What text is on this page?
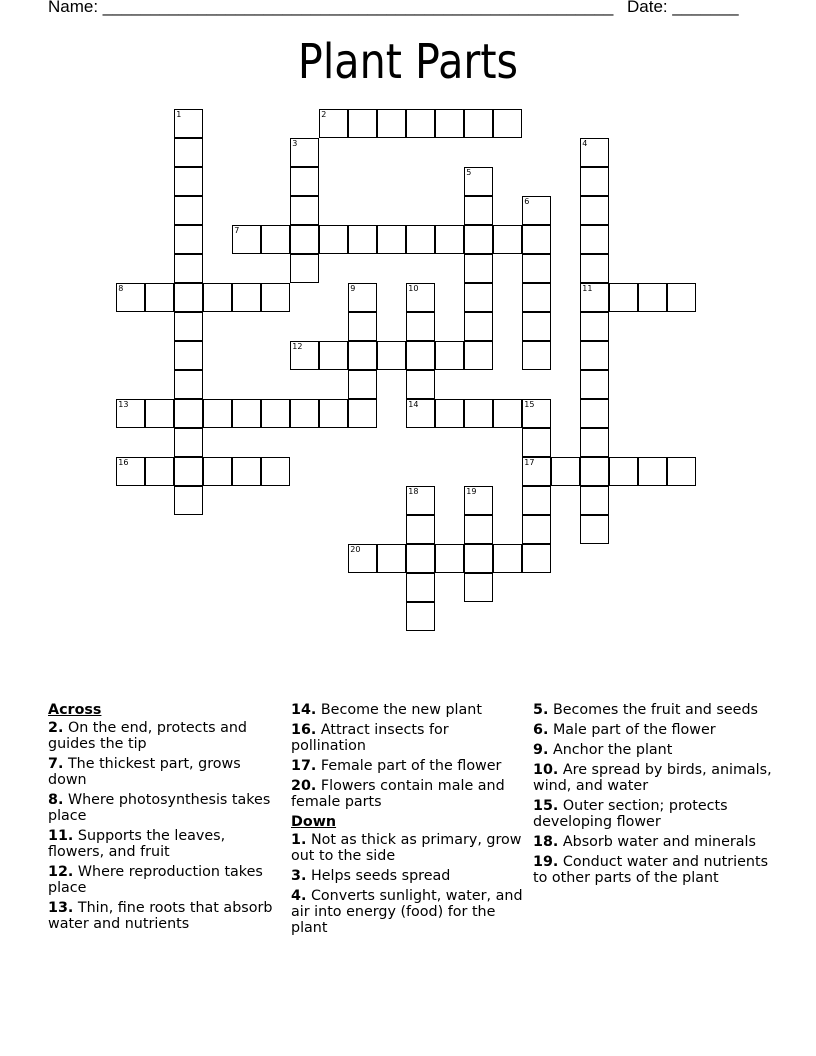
Name: ______________________________________________________ Date: _______
Plant Parts
1	2
3	4
11
5
6
7
8	9	10
14
12
13	15
17
16
18	19
20
Across
2. On the end, protects and guides the tip
7. The thickest part, grows down
8. Where photosynthesis takes place
11. Supports the leaves, flowers, and fruit
12. Where reproduction takes place
13. Thin, fine roots that absorb water and nutrients
14. Become the new plant
16. Attract insects for pollination
17. Female part of the flower
20. Flowers contain male and female parts
Down
1. Not as thick as primary, grow out to the side
3. Helps seeds spread
4. Converts sunlight, water, and air into energy (food) for the plant
5. Becomes the fruit and seeds
6. Male part of the flower
9. Anchor the plant
10. Are spread by birds, animals, wind, and water
15. Outer section; protects developing flower
18. Absorb water and minerals
19. Conduct water and nutrients to other parts of the plant
